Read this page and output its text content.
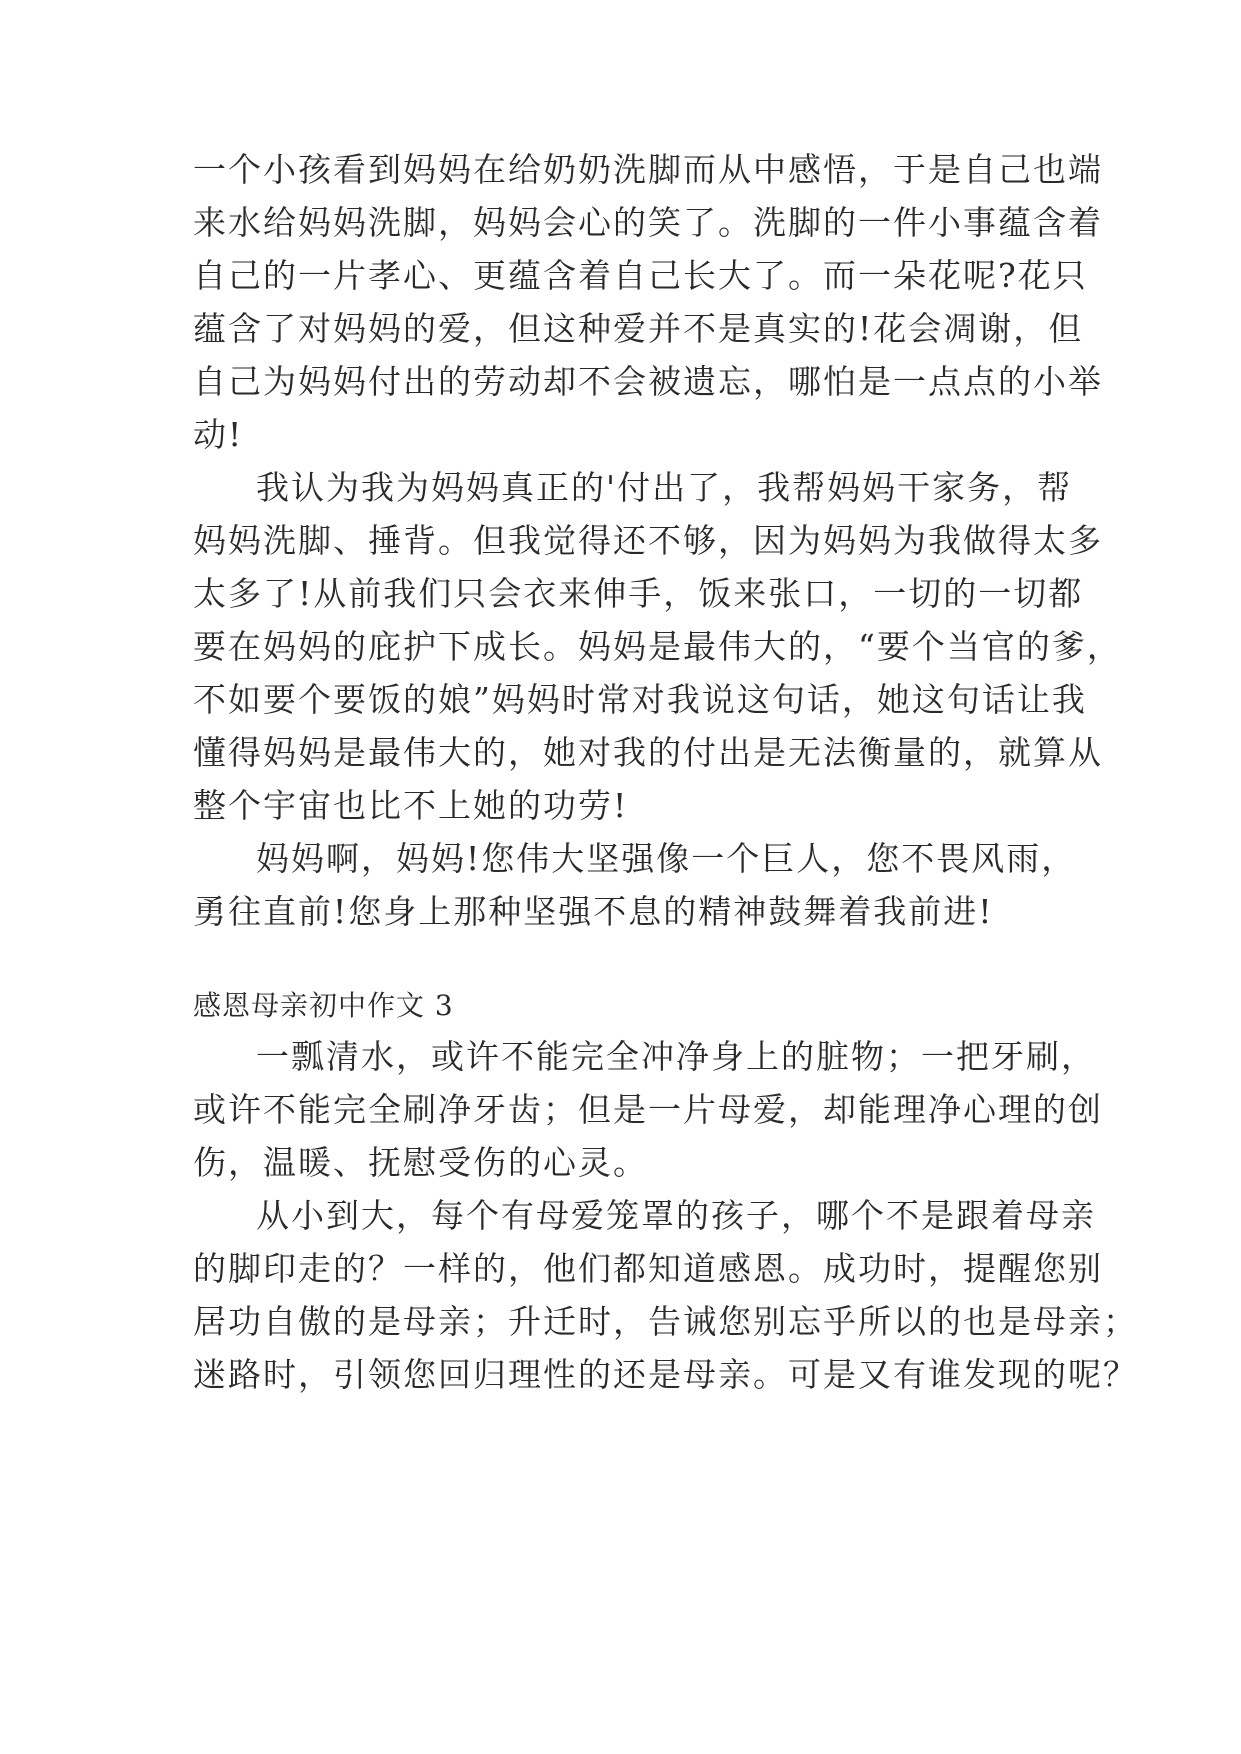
一个小孩看到妈妈在给奶奶洗脚而从中感悟，于是自己也端
来水给妈妈洗脚，妈妈会心的笑了。洗脚的一件小事蕴含着
自己的一片孝心、更蕴含着自己长大了。而一朵花呢?花只
蕴含了对妈妈的爱，但这种爱并不是真实的!花会凋谢，但
自己为妈妈付出的劳动却不会被遗忘，哪怕是一点点的小举
动!
我认为我为妈妈真正的'付出了，我帮妈妈干家务，帮
妈妈洗脚、捶背。但我觉得还不够，因为妈妈为我做得太多
太多了!从前我们只会衣来伸手，饭来张口，一切的一切都
要在妈妈的庇护下成长。妈妈是最伟大的，“要个当官的爹，
不如要个要饭的娘”妈妈时常对我说这句话，她这句话让我
懂得妈妈是最伟大的，她对我的付出是无法衡量的，就算从
整个宇宙也比不上她的功劳!
妈妈啊，妈妈!您伟大坚强像一个巨人，您不畏风雨，
勇往直前!您身上那种坚强不息的精神鼓舞着我前进!
感恩母亲初中作文 3
一瓢清水，或许不能完全冲净身上的脏物；一把牙刷，
或许不能完全刷净牙齿；但是一片母爱，却能理净心理的创
伤，温暖、抚慰受伤的心灵。
从小到大，每个有母爱笼罩的孩子，哪个不是跟着母亲
的脚印走的？一样的，他们都知道感恩。成功时，提醒您别
居功自傲的是母亲；升迁时，告诫您别忘乎所以的也是母亲；
迷路时，引领您回归理性的还是母亲。可是又有谁发现的呢？
